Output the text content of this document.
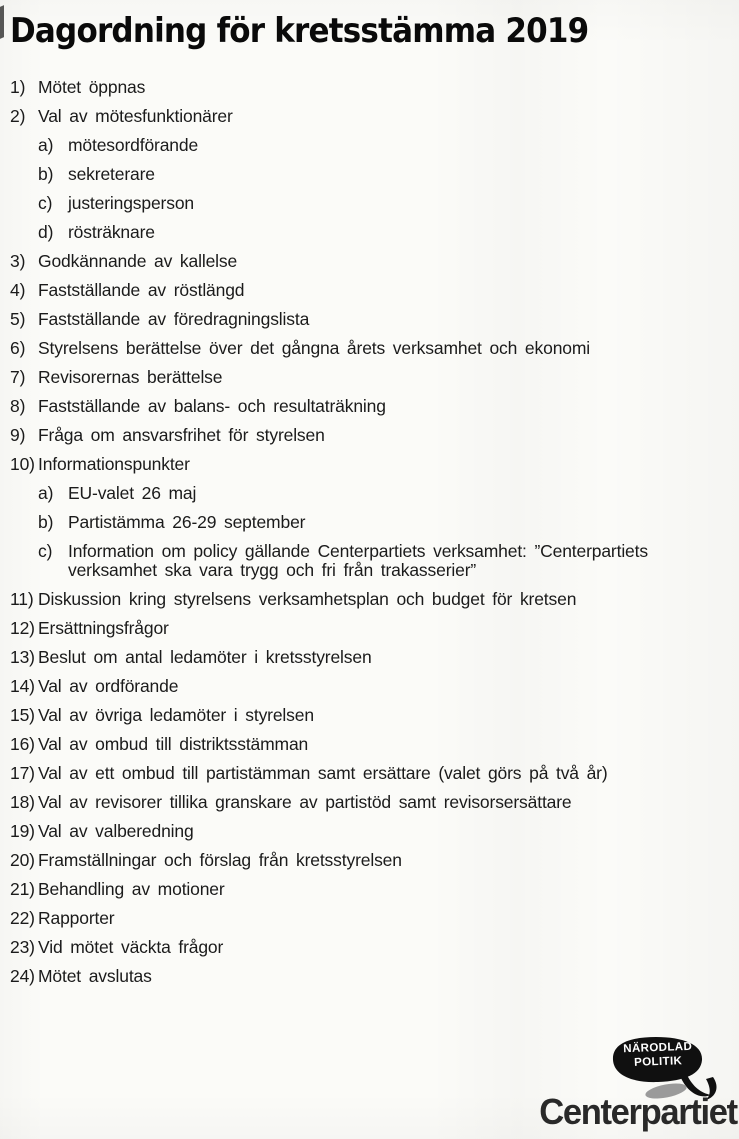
Dagordning för kretsstämma 2019
1) Mötet öppnas
2) Val av mötesfunktionärer
a) mötesordförande
b) sekreterare
c) justeringsperson
d) rösträknare
3) Godkännande av kallelse
4) Fastställande av röstlängd
5) Fastställande av föredragningslista
6) Styrelsens berättelse över det gångna årets verksamhet och ekonomi
7) Revisorernas berättelse
8) Fastställande av balans- och resultaträkning
9) Fråga om ansvarsfrihet för styrelsen
10) Informationspunkter
a) EU-valet 26 maj
b) Partistämma 26-29 september
c) Information om policy gällande Centerpartiets verksamhet: ”Centerpartiets verksamhet ska vara trygg och fri från trakasserier”
11) Diskussion kring styrelsens verksamhetsplan och budget för kretsen
12) Ersättningsfrågor
13) Beslut om antal ledamöter i kretsstyrelsen
14) Val av ordförande
15) Val av övriga ledamöter i styrelsen
16) Val av ombud till distriktsstämman
17) Val av ett ombud till partistämman samt ersättare (valet görs på två år)
18) Val av revisorer tillika granskare av partistöd samt revisorsersättare
19) Val av valberedning
20) Framställningar och förslag från kretsstyrelsen
21) Behandling av motioner
22) Rapporter
23) Vid mötet väckta frågor
24) Mötet avslutas
NÄRODLAD
POLITIK
Centerpartiet
